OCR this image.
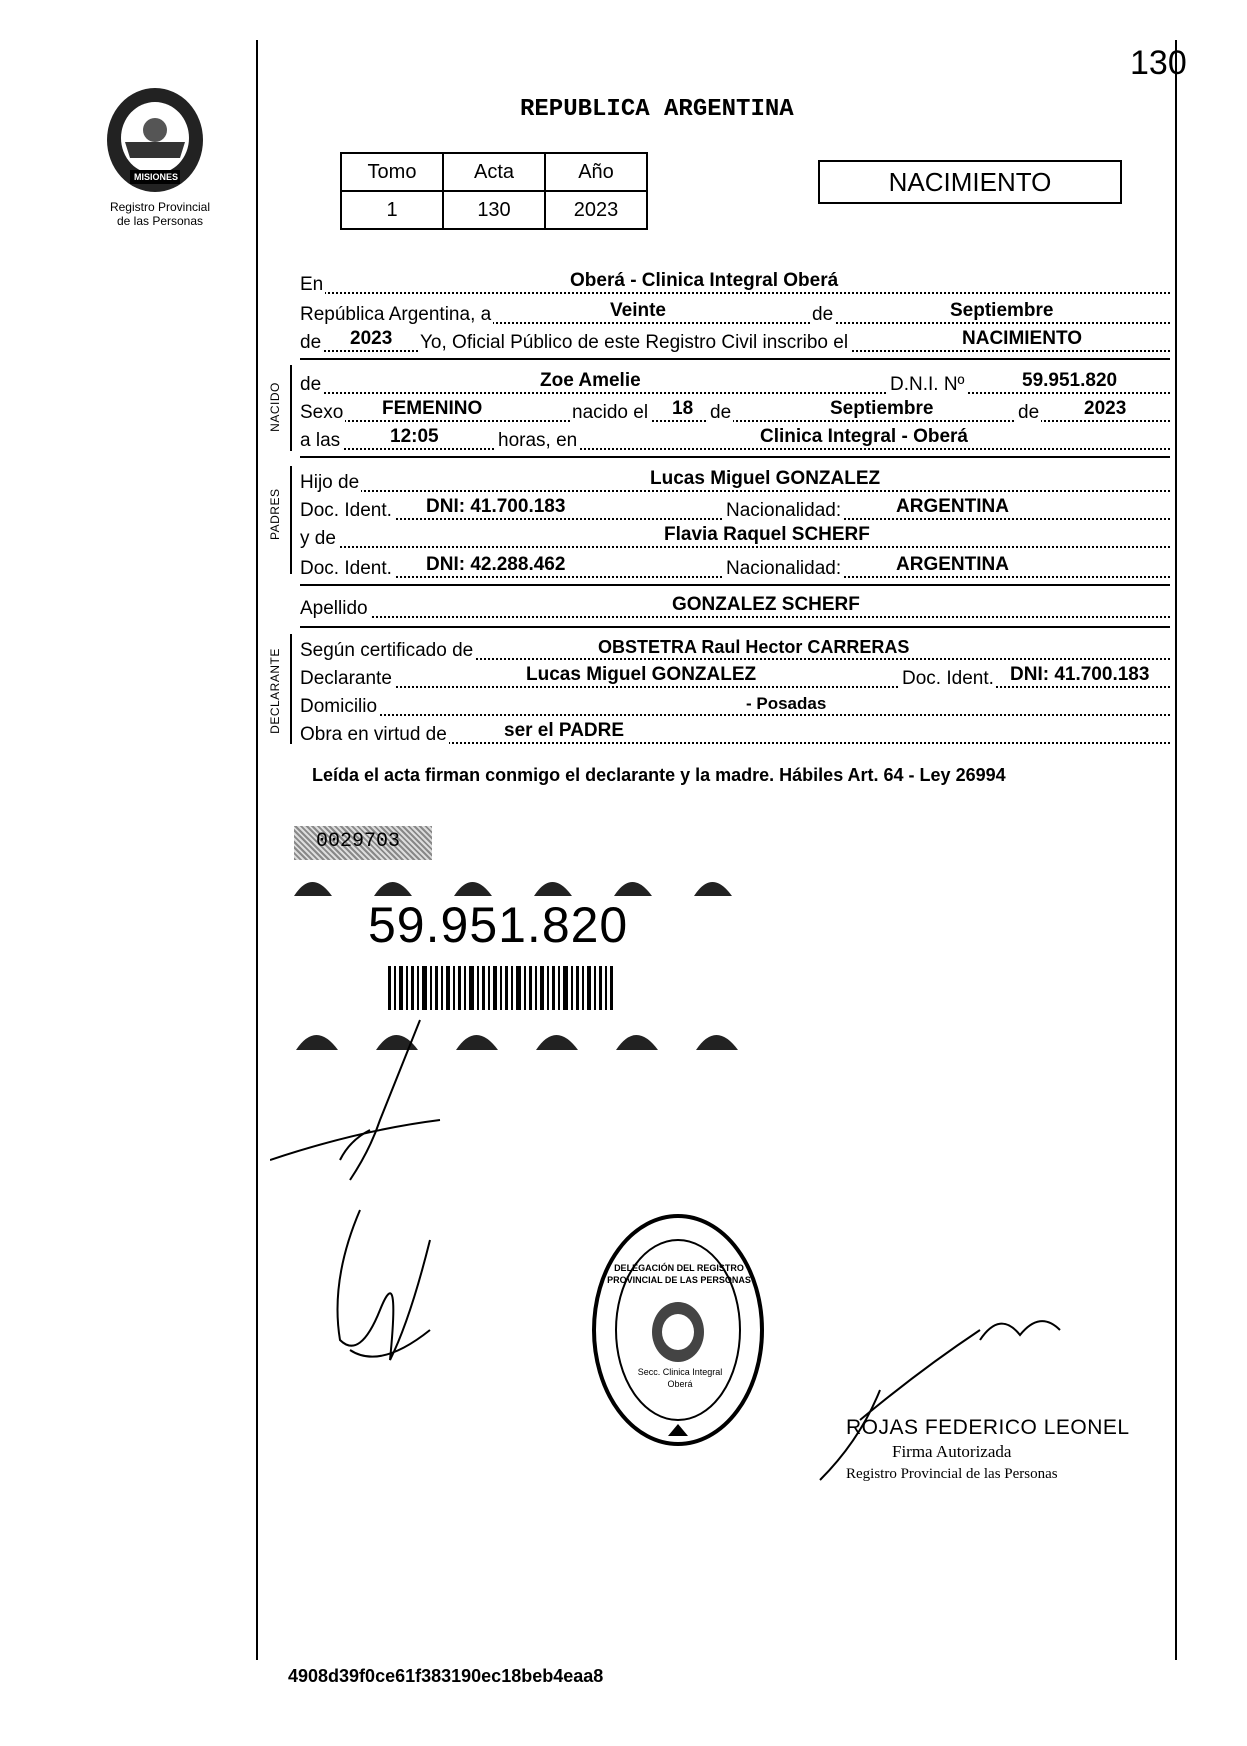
130
MISIONES
Registro Provincial
de las Personas
REPUBLICA ARGENTINA
Tomo	Acta	Año
1	130	2023
NACIMIENTO
En	Oberá - Clinica Integral Oberá
República Argentina, a	Veinte	de	Septiembre
de 2023 Yo, Oficial Público de este Registro Civil inscribo el	NACIMIENTO
NACIDO de	Zoe Amelie	D.N.I. Nº	59.951.820
Sexo FEMENINO	nacido el 18 de	Septiembre	de 2023
a las	12:05	horas, en	Clinica Integral - Oberá
PADRES
Hijo de	Lucas Miguel GONZALEZ
Doc. Ident. DNI: 41.700.183	Nacionalidad:	ARGENTINA
y de	Flavia Raquel SCHERF
Doc. Ident. DNI: 42.288.462	Nacionalidad:	ARGENTINA
Apellido	GONZALEZ SCHERF
DECLARANTE Según certificado de	OBSTETRA Raul Hector CARRERAS
Declarante	Lucas Miguel GONZALEZ	Doc. Ident. DNI: 41.700.183
Domicilio	- Posadas
Obra en virtud de	ser el PADRE
Leída el acta firman conmigo el declarante y la madre. Hábiles Art. 64 - Ley 26994
0029703
59.951.820
DELEGACIÓN DEL REGISTRO PROVINCIAL DE LAS PERSONAS
Secc. Clinica Integral Oberá
ROJAS FEDERICO LEONEL
Firma Autorizada
Registro Provincial de las Personas
4908d39f0ce61f383190ec18beb4eaa8
